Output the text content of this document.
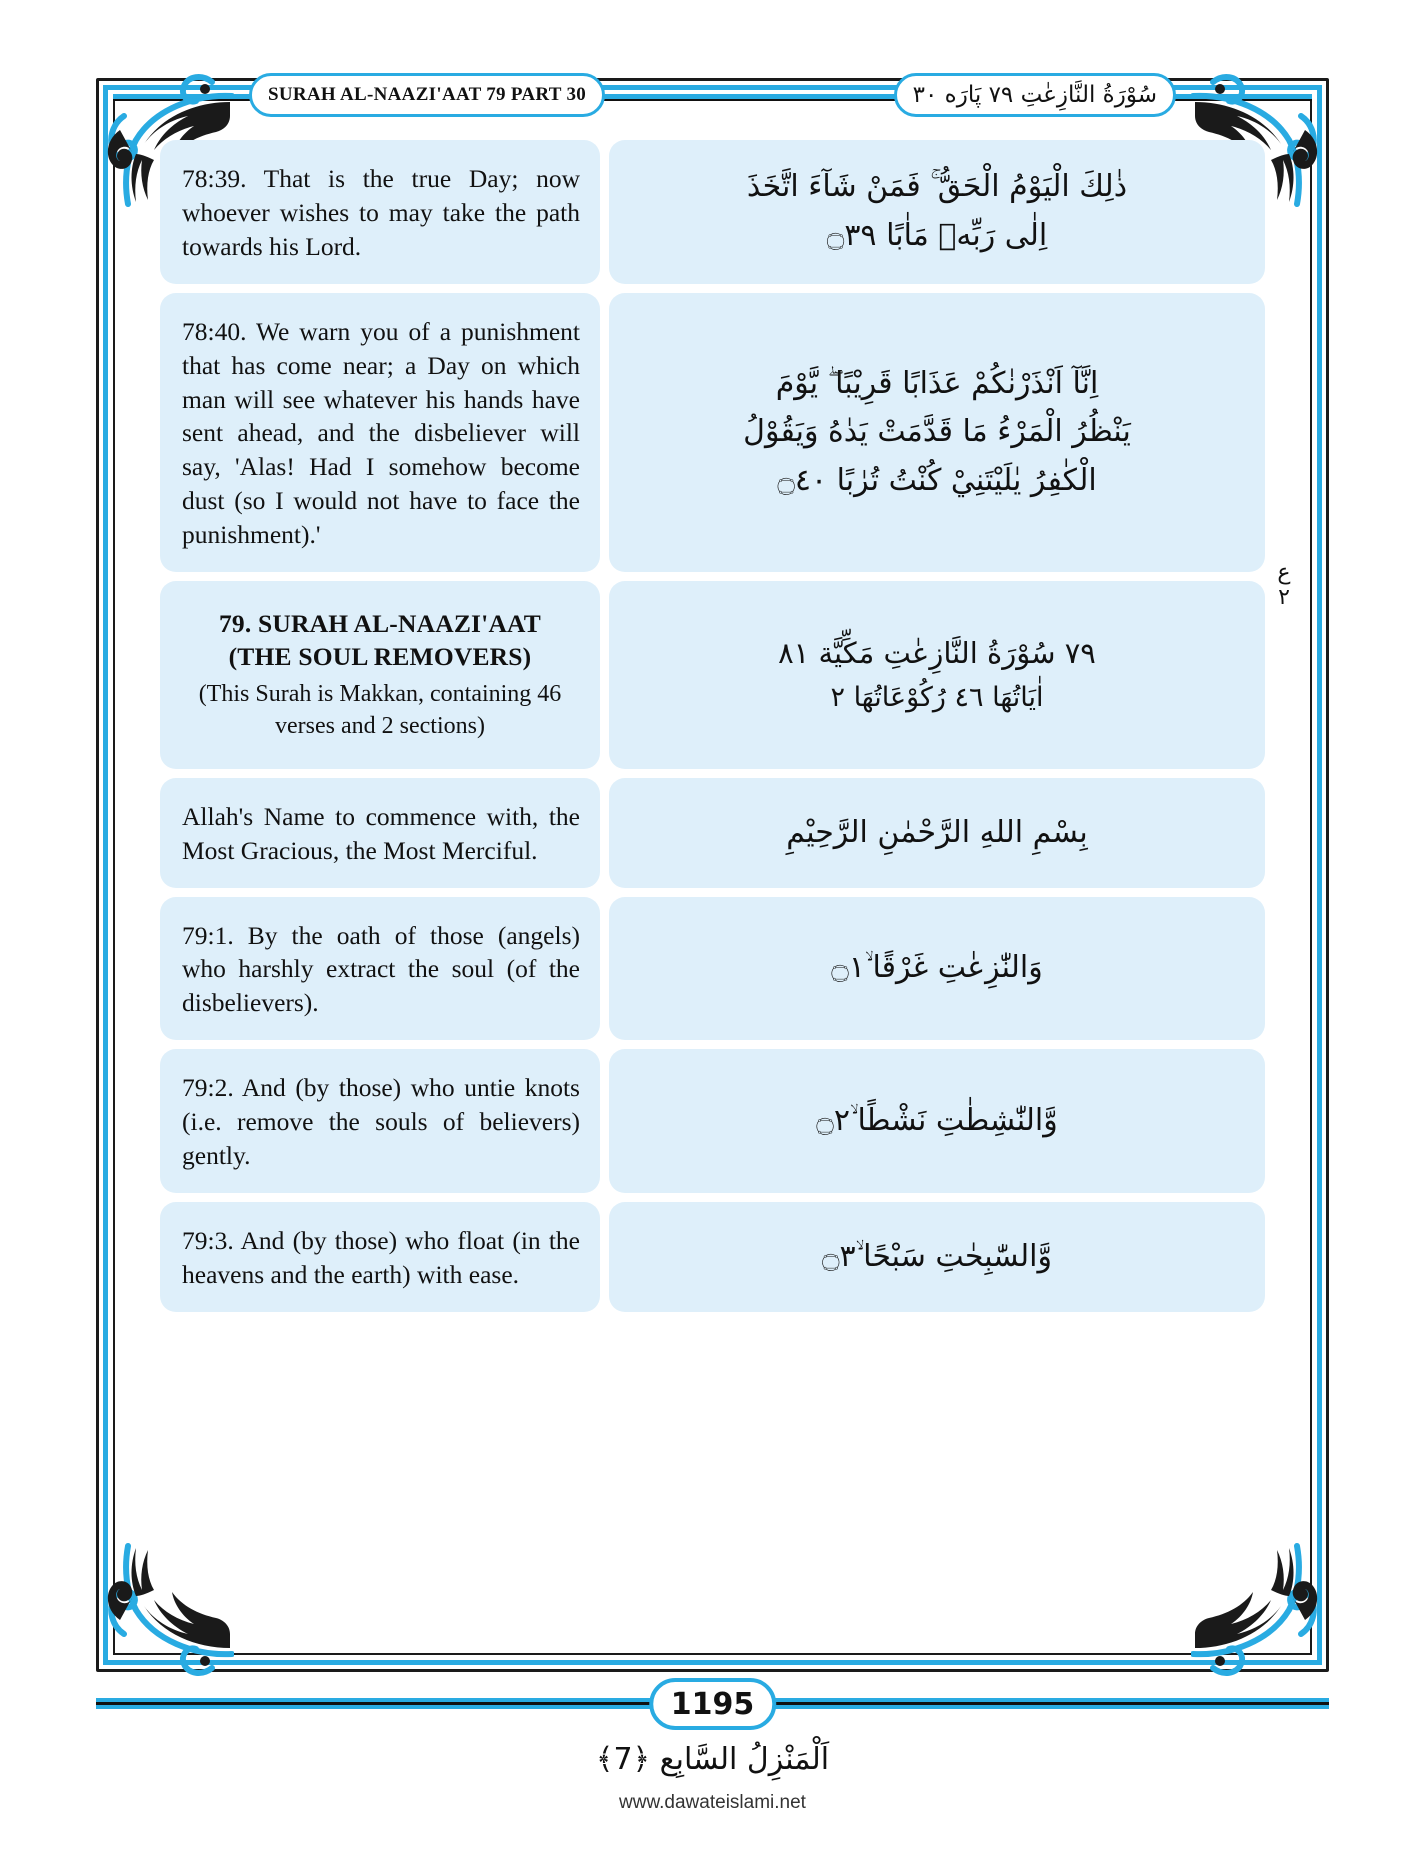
SURAH AL-NAAZI'AAT 79 PART 30	سُوْرَةُ النَّازِعٰتِ ٧٩ پَارَه ٣٠
78:39. That is the true Day; now whoever wishes to may take the path towards his Lord.
ذٰلِكَ الْيَوْمُ الْحَقُّ ۚ فَمَنْ شَآءَ اتَّخَذَ
اِلٰى رَبِّهٖ مَاٰبًا ۝٣٩
78:40. We warn you of a punishment that has come near; a Day on which man will see whatever his hands have sent ahead, and the disbeliever will say, 'Alas! Had I somehow become dust (so I would not have to face the punishment).'
اِنَّآ اَنْذَرْنٰكُمْ عَذَابًا قَرِيْبًا ۖ يَّوْمَ
يَنْظُرُ الْمَرْءُ مَا قَدَّمَتْ يَدٰهُ وَيَقُوْلُ
الْكٰفِرُ يٰلَيْتَنِيْ كُنْتُ تُرٰبًا ۝٤٠
79. SURAH AL-NAAZI'AAT
(THE SOUL REMOVERS)
(This Surah is Makkan, containing 46 verses and 2 sections)
٧٩ سُوْرَةُ النَّازِعٰتِ مَكِّيَّة ٨١
اٰیَاتُهَا ٤٦ رُكُوْعَاتُهَا ٢
Allah's Name to commence with, the Most Gracious, the Most Merciful.	بِسْمِ اللهِ الرَّحْمٰنِ الرَّحِيْمِ
79:1. By the oath of those (angels) who harshly extract the soul (of the disbelievers).
وَالنّٰزِعٰتِ غَرْقًا ۙ۝١
79:2. And (by those) who untie knots (i.e. remove the souls of believers) gently.
وَّالنّٰشِطٰتِ نَشْطًا ۙ۝٢
79:3. And (by those) who float (in the heavens and the earth) with ease.
وَّالسّٰبِحٰتِ سَبْحًا ۙ۝٣
ع
٢
1195
اَلْمَنْزِلُ السَّابِع ﴿7﴾
www.dawateislami.net
